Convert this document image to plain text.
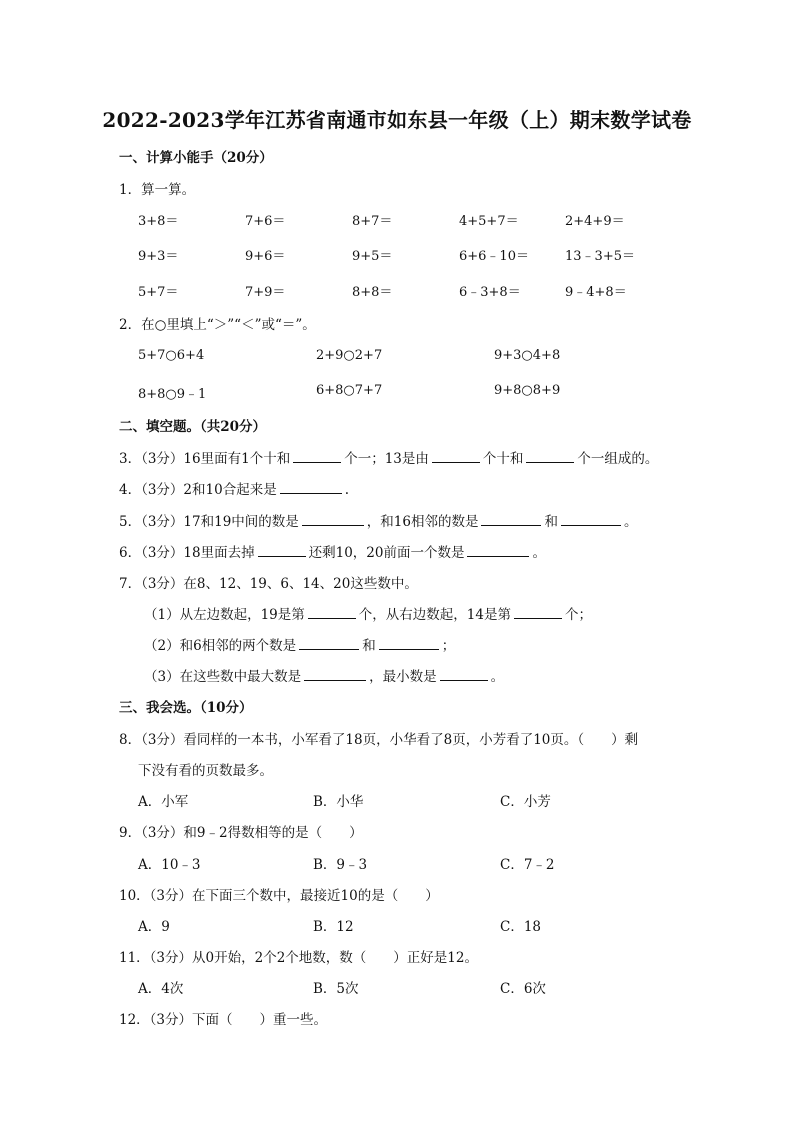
2022-2023学年江苏省南通市如东县一年级（上）期末数学试卷
一、计算小能手（20分）
1．算一算。
3+8＝	7+6＝	8+7＝	4+5+7＝	2+4+9＝
9+3＝	9+6＝	9+5＝	6+6﹣10＝	13﹣3+5＝
5+7＝	7+9＝	8+8＝	6﹣3+8＝	9﹣4+8＝
2．在○里填上“＞”“＜”或“＝”。
5+7○6+4	2+9○2+7	9+3○4+8
8+8○9﹣1	6+8○7+7	9+8○8+9
二、填空题。（共20分）
3．（3分）16里面有1个十和	个一；13是由	个十和	个一组成的。
4．（3分）2和10合起来是	.
5．（3分）17和19中间的数是	，和16相邻的数是	和	。
6．（3分）18里面去掉	还剩10，20前面一个数是	。
7．（3分）在8、12、19、6、14、20这些数中。
（1）从左边数起，19是第	个，从右边数起，14是第	个；
（2）和6相邻的两个数是	和	；
（3）在这些数中最大数是	，最小数是	。
三、我会选。（10分）
8．（3分）看同样的一本书，小军看了18页，小华看了8页，小芳看了10页。（　　）剩
下没有看的页数最多。
A．小军	B．小华	C．小芳
9．（3分）和9﹣2得数相等的是（　　）
A．10﹣3	B．9﹣3	C．7﹣2
10．（3分）在下面三个数中，最接近10的是（　　）
A．9	B．12	C．18
11．（3分）从0开始，2个2个地数，数（　　）正好是12。
A．4次	B．5次	C．6次
12．（3分）下面（　　）重一些。
